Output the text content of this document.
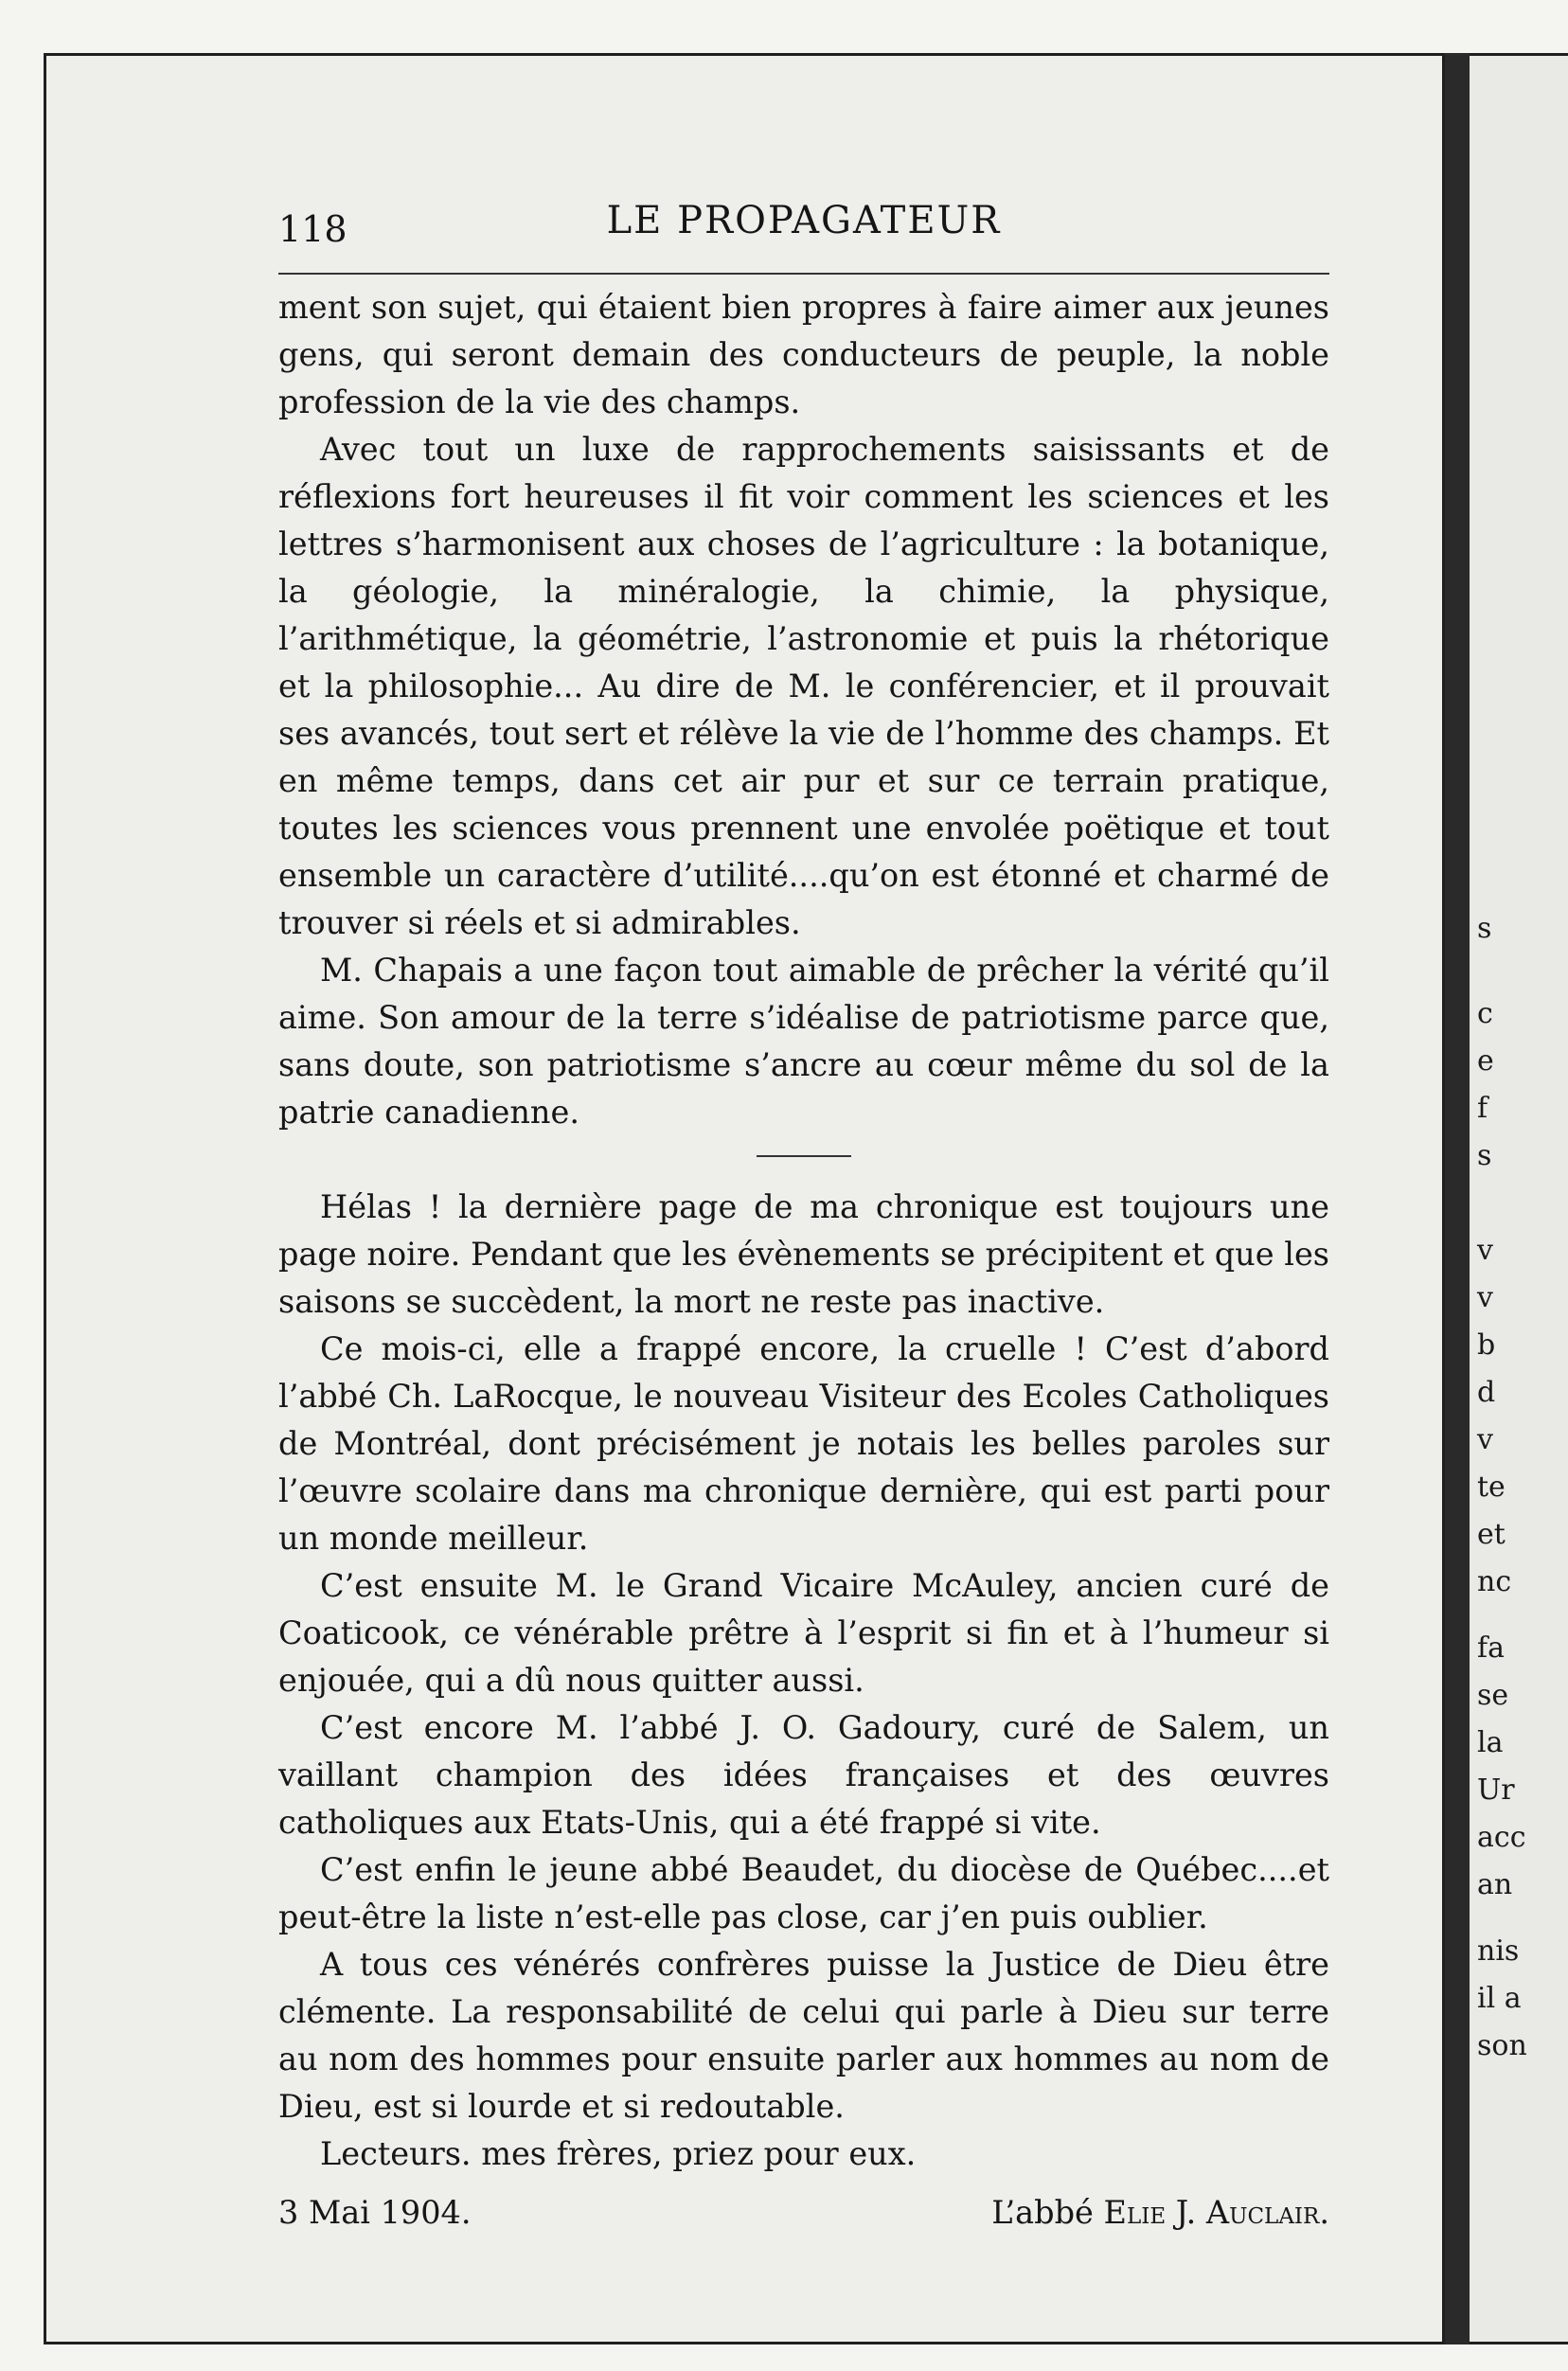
s
c
e
f
s
v
v
b
d
v
te
et
nc
fa
se
la
Ur
acc
an
nis
il a
son
118	LE PROPAGATEUR

ment son sujet, qui étaient bien propres à faire aimer aux jeunes gens, qui seront demain des conducteurs de peuple, la noble profession de la vie des champs.

Avec tout un luxe de rapprochements saisissants et de réflexions fort heureuses il fit voir comment les sciences et les lettres s’harmonisent aux choses de l’agriculture : la botanique, la géologie, la minéralogie, la chimie, la physique, l’arithmétique, la géométrie, l’astronomie et puis la rhétorique et la philosophie... Au dire de M. le conférencier, et il prouvait ses avancés, tout sert et rélève la vie de l’homme des champs. Et en même temps, dans cet air pur et sur ce terrain pratique, toutes les sciences vous prennent une envolée poëtique et tout ensemble un caractère d’utilité....qu’on est étonné et charmé de trouver si réels et si admirables.

M. Chapais a une façon tout aimable de prêcher la vérité qu’il aime. Son amour de la terre s’idéalise de patriotisme parce que, sans doute, son patriotisme s’ancre au cœur même du sol de la patrie canadienne.

Hélas ! la dernière page de ma chronique est toujours une page noire. Pendant que les évènements se précipitent et que les saisons se succèdent, la mort ne reste pas inactive.

Ce mois-ci, elle a frappé encore, la cruelle ! C’est d’abord l’abbé Ch. LaRocque, le nouveau Visiteur des Ecoles Catholiques de Montréal, dont précisément je notais les belles paroles sur l’œuvre scolaire dans ma chronique dernière, qui est parti pour un monde meilleur.

C’est ensuite M. le Grand Vicaire McAuley, ancien curé de Coaticook, ce vénérable prêtre à l’esprit si fin et à l’humeur si enjouée, qui a dû nous quitter aussi.

C’est encore M. l’abbé J. O. Gadoury, curé de Salem, un vaillant champion des idées françaises et des œuvres catholiques aux Etats-Unis, qui a été frappé si vite.

C’est enfin le jeune abbé Beaudet, du diocèse de Québec....et peut-être la liste n’est-elle pas close, car j’en puis oublier.

A tous ces vénérés confrères puisse la Justice de Dieu être clémente. La responsabilité de celui qui parle à Dieu sur terre au nom des hommes pour ensuite parler aux hommes au nom de Dieu, est si lourde et si redoutable.

Lecteurs. mes frères, priez pour eux.

3 Mai 1904.	L’abbé Elie J. Auclair.
